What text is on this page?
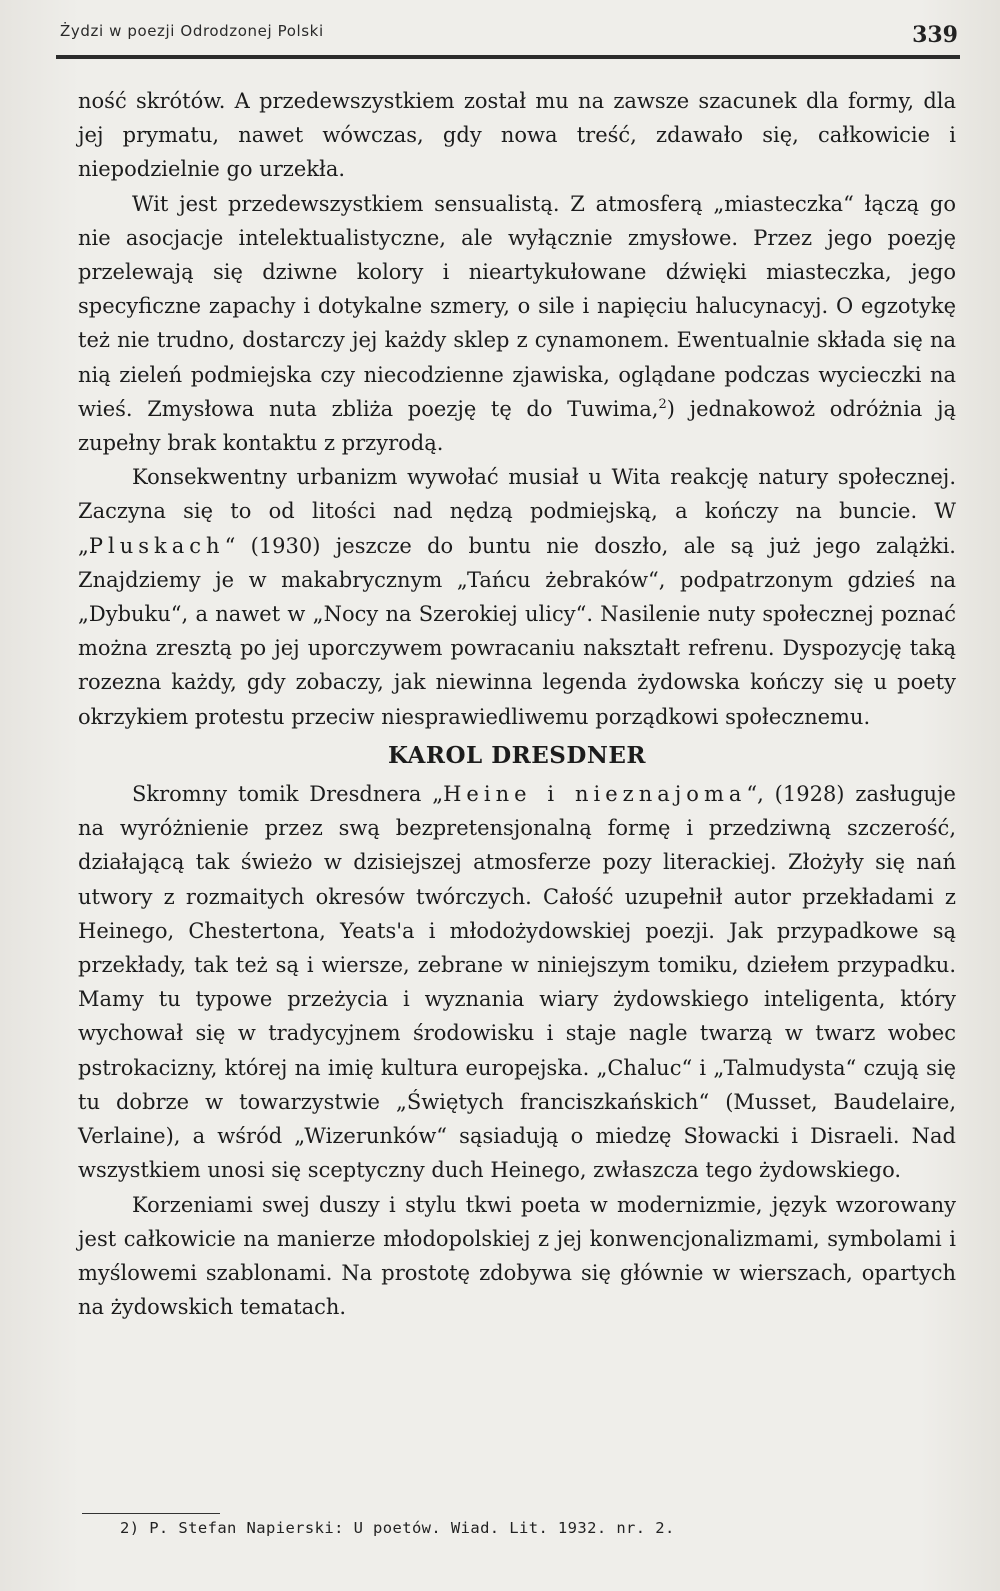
Żydzi w poezji Odrodzonej Polski	339

ność skrótów. A przedewszystkiem został mu na zawsze szacunek dla formy, dla jej prymatu, nawet wówczas, gdy nowa treść, zdawało się, całkowicie i niepodzielnie go urzekła.

Wit jest przedewszystkiem sensualistą. Z atmosferą „miasteczka“ łączą go nie asocjacje intelektualistyczne, ale wyłącznie zmysłowe. Przez jego poezję przelewają się dziwne kolory i nieartykułowane dźwięki miasteczka, jego specyficzne zapachy i dotykalne szmery, o sile i napięciu halucynacyj. O egzotykę też nie trudno, dostarczy jej każdy sklep z cynamonem. Ewentualnie składa się na nią zieleń podmiejska czy niecodzienne zjawiska, oglądane podczas wycieczki na wieś. Zmysłowa nuta zbliża poezję tę do Tuwima,$^2$) jednakowoż odróżnia ją zupełny brak kontaktu z przyrodą.

Konsekwentny urbanizm wywołać musiał u Wita reakcję natury społecznej. Zaczyna się to od litości nad nędzą podmiejską, a kończy na buncie. W „Pluskach“ (1930) jeszcze do buntu nie doszło, ale są już jego zalążki. Znajdziemy je w makabrycznym „Tańcu żebraków“, podpatrzonym gdzieś na „Dybuku“, a nawet w „Nocy na Szerokiej ulicy“. Nasilenie nuty społecznej poznać można zresztą po jej uporczywem powracaniu nakształt refrenu. Dyspozycję taką rozezna każdy, gdy zobaczy, jak niewinna legenda żydowska kończy się u poety okrzykiem protestu przeciw niesprawiedliwemu porządkowi społecznemu.

KAROL DRESDNER

Skromny tomik Dresdnera „Heine i nieznajoma“, (1928) zasługuje na wyróżnienie przez swą bezpretensjonalną formę i przedziwną szczerość, działającą tak świeżo w dzisiejszej atmosferze pozy literackiej. Złożyły się nań utwory z rozmaitych okresów twórczych. Całość uzupełnił autor przekładami z Heinego, Chestertona, Yeats'a i młodożydowskiej poezji. Jak przypadkowe są przekłady, tak też są i wiersze, zebrane w niniejszym tomiku, dziełem przypadku. Mamy tu typowe przeżycia i wyznania wiary żydowskiego inteligenta, który wychował się w tradycyjnem środowisku i staje nagle twarzą w twarz wobec pstrokacizny, której na imię kultura europejska. „Chaluc“ i „Talmudysta“ czują się tu dobrze w towarzystwie „Świętych franciszkańskich“ (Musset, Baudelaire, Verlaine), a wśród „Wizerunków“ sąsiadują o miedzę Słowacki i Disraeli. Nad wszystkiem unosi się sceptyczny duch Heinego, zwłaszcza tego żydowskiego.

Korzeniami swej duszy i stylu tkwi poeta w modernizmie, język wzorowany jest całkowicie na manierze młodopolskiej z jej konwencjonalizmami, symbolami i myślowemi szablonami. Na prostotę zdobywa się głównie w wierszach, opartych na żydowskich tematach.

2) P. Stefan Napierski: U poetów. Wiad. Lit. 1932. nr. 2.
